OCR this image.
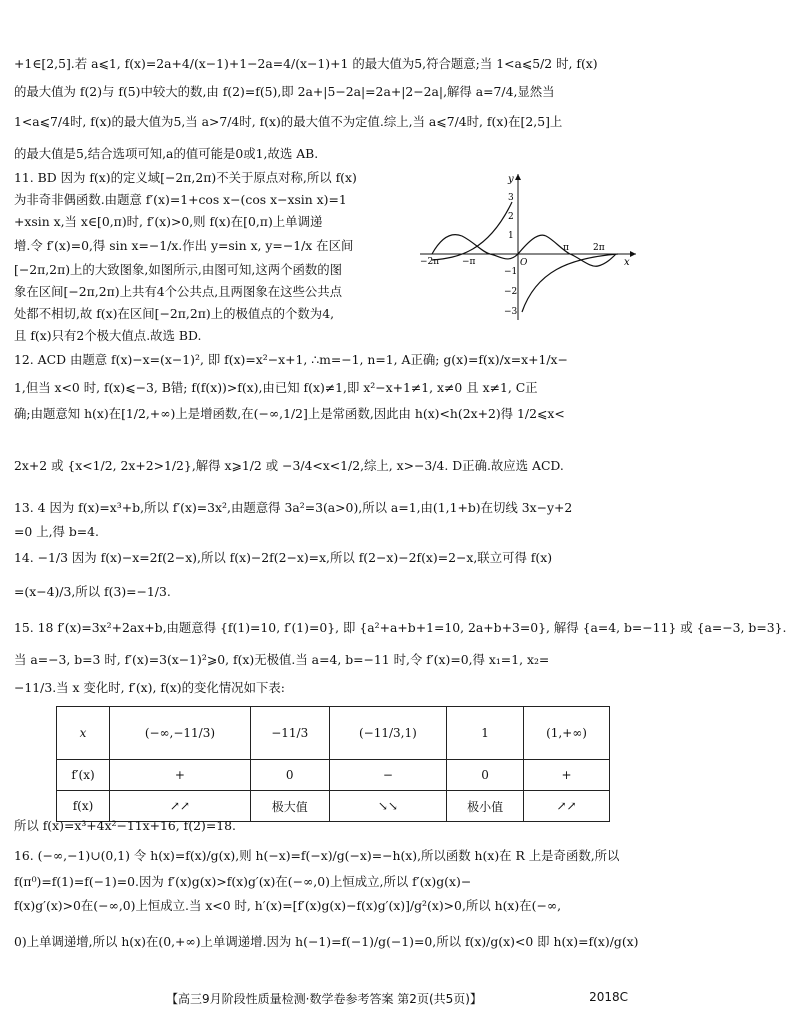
+1∈[2,5].若 a⩽1, f(x)=2a+4/(x−1)+1−2a=4/(x−1)+1 的最大值为5,符合题意;当 1<a⩽5/2 时, f(x)
的最大值为 f(2)与 f(5)中较大的数,由 f(2)=f(5),即 2a+|5−2a|=2a+|2−2a|,解得 a=7/4,显然当
1<a⩽7/4时, f(x)的最大值为5,当 a>7/4时, f(x)的最大值不为定值.综上,当 a⩽7/4时, f(x)在[2,5]上
的最大值是5,结合选项可知,a的值可能是0或1,故选 AB.
11. BD 因为 f(x)的定义域[−2π,2π)不关于原点对称,所以 f(x)
为非奇非偶函数.由题意 f′(x)=1+cos x−(cos x−xsin x)=1
+xsin x,当 x∈[0,π)时, f′(x)>0,则 f(x)在[0,π)上单调递
增.令 f′(x)=0,得 sin x=−1/x.作出 y=sin x, y=−1/x 在区间
[−2π,2π)上的大致图象,如图所示,由图可知,这两个函数的图
象在区间[−2π,2π)上共有4个公共点,且两图象在这些公共点
处都不相切,故 f(x)在区间[−2π,2π)上的极值点的个数为4,
且 f(x)只有2个极大值点.故选 BD.
x
y
O
−2π	−π
π	2π
3
2
1
−1
−2
−3
12. ACD 由题意 f(x)−x=(x−1)², 即 f(x)=x²−x+1, ∴m=−1, n=1, A正确; g(x)=f(x)/x=x+1/x−
1,但当 x<0 时, f(x)⩽−3, B错; f(f(x))>f(x),由已知 f(x)≠1,即 x²−x+1≠1, x≠0 且 x≠1, C正
确;由题意知 h(x)在[1/2,+∞)上是增函数,在(−∞,1/2]上是常函数,因此由 h(x)<h(2x+2)得 1/2⩽x<
2x+2 或 {x<1/2, 2x+2>1/2},解得 x⩾1/2 或 −3/4<x<1/2,综上, x>−3/4. D正确.故应选 ACD.
13. 4 因为 f(x)=x³+b,所以 f′(x)=3x²,由题意得 3a²=3(a>0),所以 a=1,由(1,1+b)在切线 3x−y+2
=0 上,得 b=4.
14. −1/3 因为 f(x)−x=2f(2−x),所以 f(x)−2f(2−x)=x,所以 f(2−x)−2f(x)=2−x,联立可得 f(x)
=(x−4)/3,所以 f(3)=−1/3.
15. 18 f′(x)=3x²+2ax+b,由题意得 {f(1)=10, f′(1)=0}, 即 {a²+a+b+1=10, 2a+b+3=0}, 解得 {a=4, b=−11} 或 {a=−3, b=3}.
当 a=−3, b=3 时, f′(x)=3(x−1)²⩾0, f(x)无极值.当 a=4, b=−11 时,令 f′(x)=0,得 x₁=1, x₂=
−11/3.当 x 变化时, f′(x), f(x)的变化情况如下表:
x	(−∞,−11/3)	−11/3	(−11/3,1)	1	(1,+∞)
f′(x)	+	0	−	0	+
f(x)	↗↗	极大值	↘↘	极小值	↗↗
所以 f(x)=x³+4x²−11x+16, f(2)=18.
16. (−∞,−1)∪(0,1) 令 h(x)=f(x)/g(x),则 h(−x)=f(−x)/g(−x)=−h(x),所以函数 h(x)在 R 上是奇函数,所以
f(π⁰)=f(1)=f(−1)=0.因为 f′(x)g(x)>f(x)g′(x)在(−∞,0)上恒成立,所以 f′(x)g(x)−
f(x)g′(x)>0在(−∞,0)上恒成立.当 x<0 时, h′(x)=[f′(x)g(x)−f(x)g′(x)]/g²(x)>0,所以 h(x)在(−∞,
0)上单调递增,所以 h(x)在(0,+∞)上单调递增.因为 h(−1)=f(−1)/g(−1)=0,所以 f(x)/g(x)<0 即 h(x)=f(x)/g(x)
【高三9月阶段性质量检测·数学卷参考答案 第2页(共5页)】	2018C
